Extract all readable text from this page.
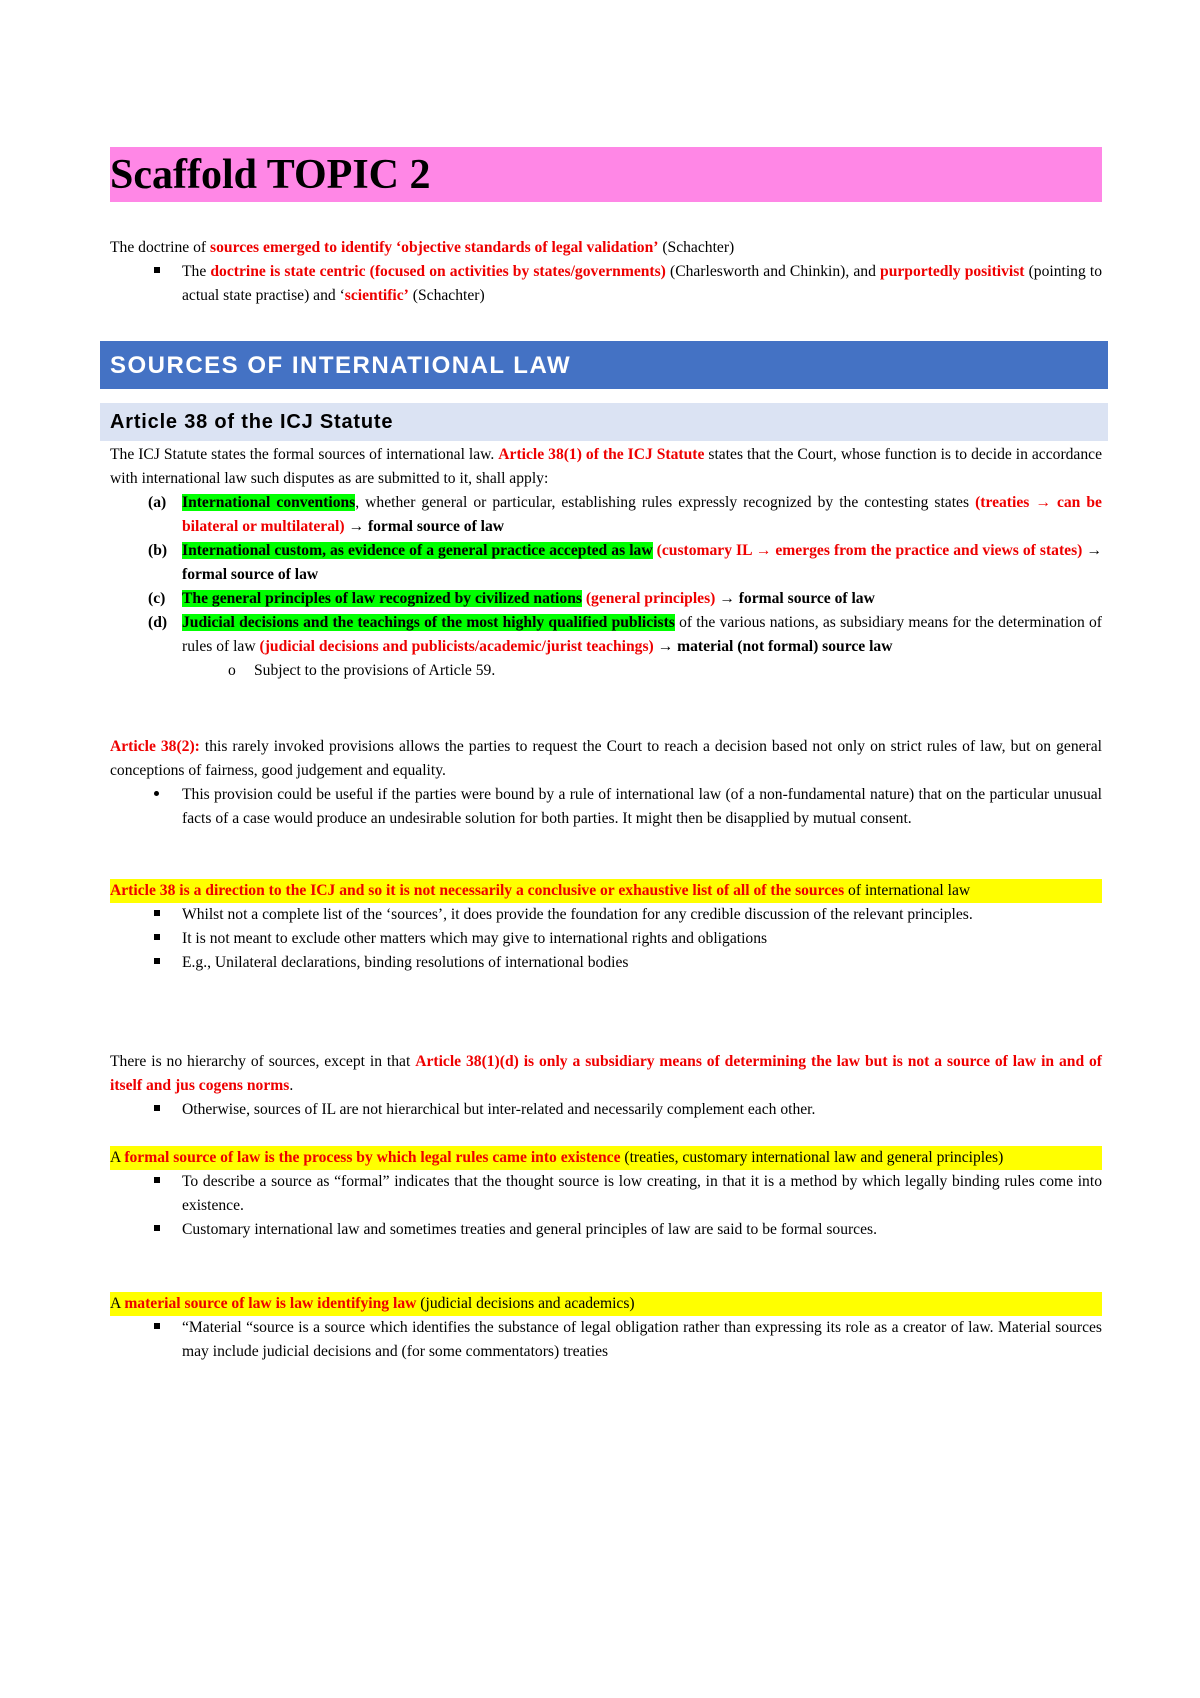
Scaffold TOPIC 2

The doctrine of sources emerged to identify ‘objective standards of legal validation’ (Schachter)

The doctrine is state centric (focused on activities by states/governments) (Charlesworth and Chinkin), and purportedly positivist (pointing to actual state practise) and ‘scientific’ (Schachter)

SOURCES OF INTERNATIONAL LAW
Article 38 of the ICJ Statute

The ICJ Statute states the formal sources of international law. Article 38(1) of the ICJ Statute states that the Court, whose function is to decide in accordance with international law such disputes as are submitted to it, shall apply:

(a) International conventions, whether general or particular, establishing rules expressly recognized by the contesting states (treaties → can be bilateral or multilateral) → formal source of law

(b) International custom, as evidence of a general practice accepted as law (customary IL → emerges from the practice and views of states) → formal source of law

(c) The general principles of law recognized by civilized nations (general principles) → formal source of law

(d) Judicial decisions and the teachings of the most highly qualified publicists of the various nations, as subsidiary means for the determination of rules of law (judicial decisions and publicists/academic/jurist teachings) → material (not formal) source law

o Subject to the provisions of Article 59.

Article 38(2): this rarely invoked provisions allows the parties to request the Court to reach a decision based not only on strict rules of law, but on general conceptions of fairness, good judgement and equality.

This provision could be useful if the parties were bound by a rule of international law (of a non-fundamental nature) that on the particular unusual facts of a case would produce an undesirable solution for both parties. It might then be disapplied by mutual consent.

Article 38 is a direction to the ICJ and so it is not necessarily a conclusive or exhaustive list of all of the sources of international law

Whilst not a complete list of the ‘sources’, it does provide the foundation for any credible discussion of the relevant principles.

It is not meant to exclude other matters which may give to international rights and obligations

E.g., Unilateral declarations, binding resolutions of international bodies

There is no hierarchy of sources, except in that Article 38(1)(d) is only a subsidiary means of determining the law but is not a source of law in and of itself and jus cogens norms.

Otherwise, sources of IL are not hierarchical but inter-related and necessarily complement each other.

A formal source of law is the process by which legal rules came into existence (treaties, customary international law and general principles)

To describe a source as “formal” indicates that the thought source is low creating, in that it is a method by which legally binding rules come into existence.

Customary international law and sometimes treaties and general principles of law are said to be formal sources.

A material source of law is law identifying law (judicial decisions and academics)

“Material “source is a source which identifies the substance of legal obligation rather than expressing its role as a creator of law. Material sources may include judicial decisions and (for some commentators) treaties
